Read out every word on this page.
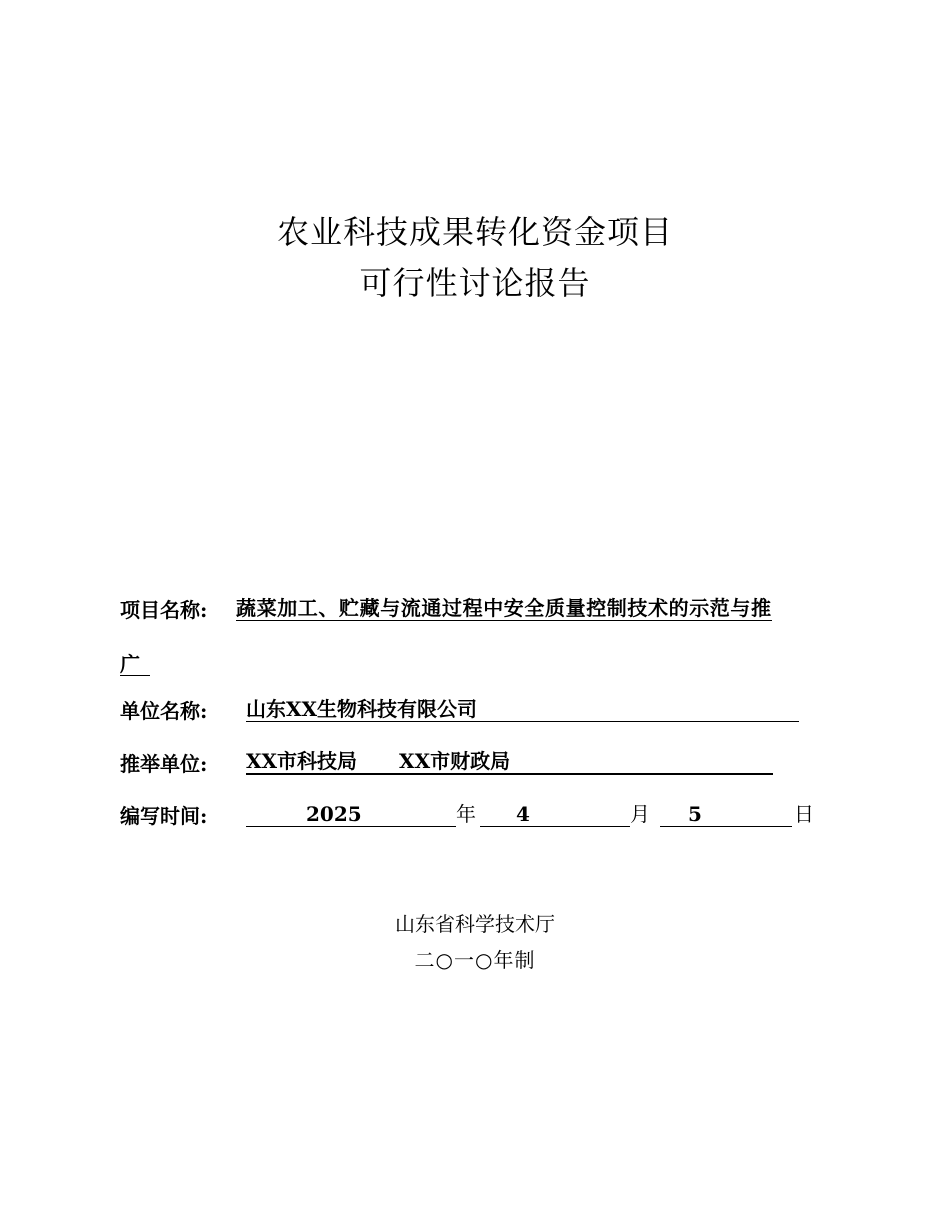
农业科技成果转化资金项目
可行性讨论报告
项目名称: 蔬菜加工、贮藏与流通过程中安全质量控制技术的示范与推
广
单位名称: 山东XX生物科技有限公司
推举单位: XX市科技局 XX市财政局
编写时间:	2025	年 4	月 5	日
山东省科学技术厅
二○一○年制
